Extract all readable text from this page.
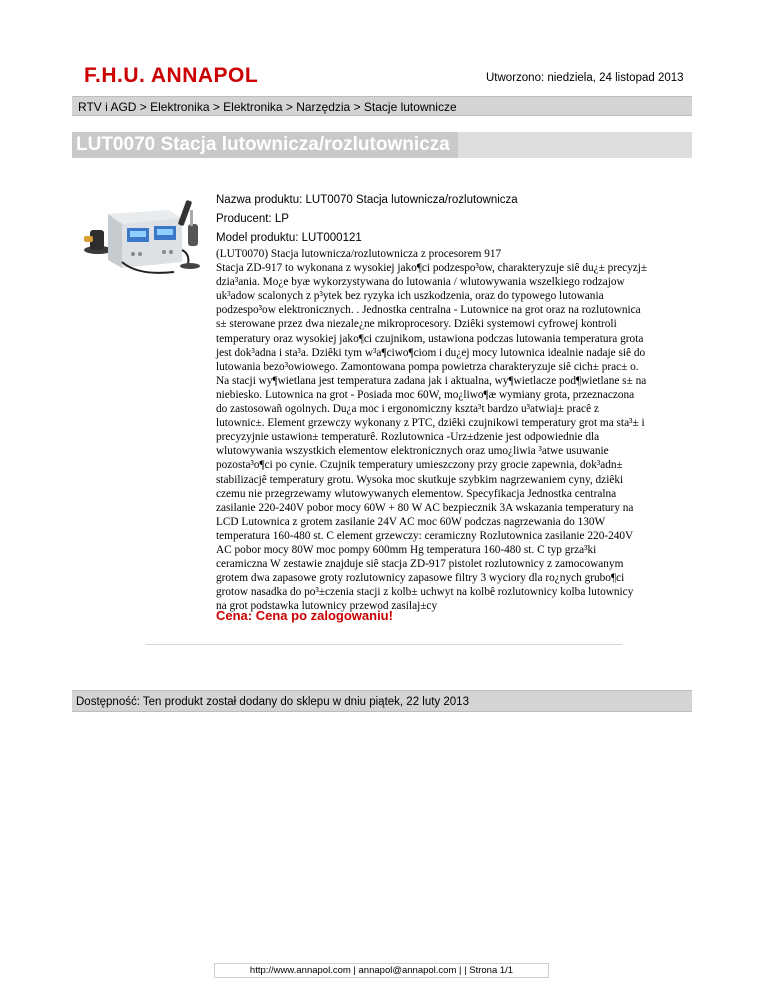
F.H.U. ANNAPOL	Utworzono: niedziela, 24 listopad 2013
RTV i AGD > Elektronika > Elektronika > Narzędzia > Stacje lutownicze
LUT0070 Stacja lutownicza/rozlutownicza
Nazwa produktu: LUT0070 Stacja lutownicza/rozlutownicza
Producent: LP
Model produktu: LUT000121
(LUT0070) Stacja lutownicza/rozlutownicza z procesorem 917
Stacja ZD-917 to wykonana z wysokiej jako¶ci podzespo³ow, charakteryzuje siê du¿± precyzj±
dzia³ania. Mo¿e byæ wykorzystywana do lutowania / wlutowywania wszelkiego rodzajow
uk³adow scalonych z p³ytek bez ryzyka ich uszkodzenia, oraz do typowego lutowania
podzespo³ow elektronicznych. . Jednostka centralna - Lutownice na grot oraz na rozlutownica
s± sterowane przez dwa niezale¿ne mikroprocesory. Dziêki systemowi cyfrowej kontroli
temperatury oraz wysokiej jako¶ci czujnikom, ustawiona podczas lutowania temperatura grota
jest dok³adna i sta³a. Dziêki tym w³a¶ciwo¶ciom i du¿ej mocy lutownica idealnie nadaje siê do
lutowania bezo³owiowego. Zamontowana pompa powietrza charakteryzuje siê cich± prac± o.
Na stacji wy¶wietlana jest temperatura zadana jak i aktualna, wy¶wietlacze pod¶wietlane s± na
niebiesko. Lutownica na grot - Posiada moc 60W, mo¿liwo¶æ wymiany grota, przeznaczona
do zastosowañ ogolnych. Du¿a moc i ergonomiczny kszta³t bardzo u³atwiaj± pracê z
lutownic±. Element grzewczy wykonany z PTC, dziêki czujnikowi temperatury grot ma sta³± i
precyzyjnie ustawion± temperaturê. Rozlutownica -Urz±dzenie jest odpowiednie dla
wlutowywania wszystkich elementow elektronicznych oraz umo¿liwia ³atwe usuwanie
pozosta³o¶ci po cynie. Czujnik temperatury umieszczony przy grocie zapewnia, dok³adn±
stabilizacjê temperatury grotu. Wysoka moc skutkuje szybkim nagrzewaniem cyny, dziêki
czemu nie przegrzewamy wlutowywanych elementow. Specyfikacja Jednostka centralna
zasilanie 220-240V pobor mocy 60W + 80 W AC bezpiecznik 3A wskazania temperatury na
LCD Lutownica z grotem zasilanie 24V AC moc 60W podczas nagrzewania do 130W
temperatura 160-480 st. C element grzewczy: ceramiczny Rozlutownica zasilanie 220-240V
AC pobor mocy 80W moc pompy 600mm Hg temperatura 160-480 st. C typ grza³ki
ceramiczna W zestawie znajduje siê stacja ZD-917 pistolet rozlutownicy z zamocowanym
grotem dwa zapasowe groty rozlutownicy zapasowe filtry 3 wyciory dla ro¿nych grubo¶ci
grotow nasadka do po³±czenia stacji z kolb± uchwyt na kolbê rozlutownicy kolba lutownicy
na grot podstawka lutownicy przewod zasilaj±cy
Cena: Cena po zalogowaniu!
Dostępność: Ten produkt został dodany do sklepu w dniu piątek, 22 luty 2013
http://www.annapol.com | annapol@annapol.com | | Strona 1/1
